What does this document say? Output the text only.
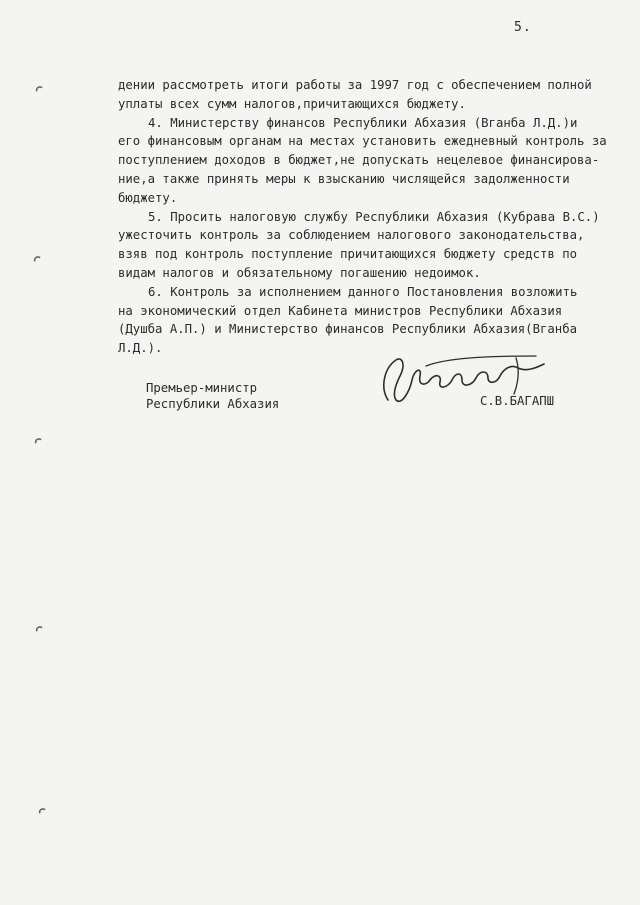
5.

дении рассмотреть итоги работы за 1997 год с обеспечением полной

уплаты всех сумм налогов,причитающихся бюджету.

4. Министерству финансов Республики Абхазия (Вганба Л.Д.)и

его финансовым органам на местах установить ежедневный контроль за

поступлением доходов в бюджет,не допускать нецелевое финансирова-

ние,а также принять меры к взысканию числящейся задолженности

бюджету.

5. Просить налоговую службу Республики Абхазия (Кубрава В.С.)

ужесточить контроль за соблюдением налогового законодательства,

взяв под контроль поступление причитающихся бюджету средств по

видам налогов и обязательному погашению недоимок.

6. Контроль за исполнением данного Постановления возложить

на экономический отдел Кабинета министров Республики Абхазия

(Душба А.П.) и Министерство финансов Республики Абхазия(Вганба

Л.Д.).

Премьер-министр
Республики Абхазия	С.В.БАГАПШ
